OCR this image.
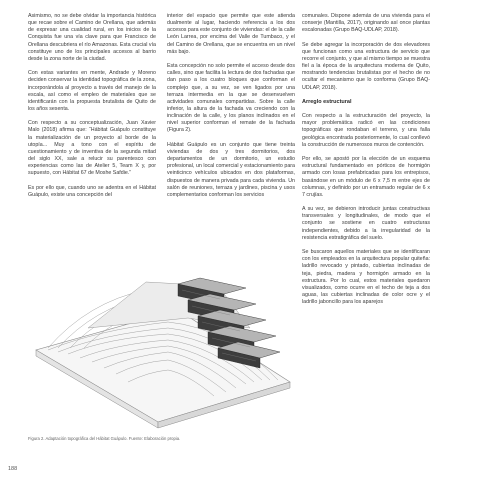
Asimismo, no se debe olvidar la importancia histórica que recae sobre el Camino de Orellana, que además de expresar una cualidad rural, en los inicios de la Conquista fue una vía clave para que Francisco de Orellana descubriera el río Amazonas. Esta crucial vía constituye uno de los principales accesos al barrio desde la zona norte de la ciudad.

Con estas variantes en mente, Andrade y Moreno deciden conservar la identidad topográfica de la zona, incorporándola al proyecto a través del manejo de la escala, así como el empleo de materiales que se identificarán con la propuesta brutalista de Quito de los años sesenta.

Con respecto a su conceptualización, Juan Xavier Malo (2018) afirma que: “Hábitat Guápulo constituye la materialización de un proyecto al borde de la utopía... Muy a tono con el espíritu de cuestionamiento y de inventiva de la segunda mitad del siglo XX, sale a relucir su parentesco con experiencias como las de Atelier 5, Team X y, por supuesto, con Hábitat 67 de Moshe Safdie.”

Es por ello que, cuando uno se adentra en el Hábitat Guápulo, existe una concepción del

interior del espacio que permite que este atienda dualmente al lugar, haciendo referencia a los dos accesos para este conjunto de viviendas: el de la calle León Larrea, por encima del Valle de Tumbaco, y el del Camino de Orellana, que se encuentra en un nivel más bajo.

Esta concepción no solo permite el acceso desde dos calles, sino que facilita la lectura de dos fachadas que dan paso a los cuatro bloques que conforman el complejo que, a su vez, se ven ligados por una terraza intermedia en la que se desenvuelven actividades comunales compartidas. Sobre la calle inferior, la altura de la fachada va creciendo con la inclinación de la calle, y los planos inclinados en el nivel superior conforman el remate de la fachada (Figura 2).

Hábitat Guápulo es un conjunto que tiene treinta viviendas de dos y tres dormitorios, dos departamentos de un dormitorio, un estudio profesional, un local comercial y estacionamiento para veinticinco vehículos ubicados en dos plataformas, dispuestos de manera privada para cada vivienda. Un salón de reuniones, terraza y jardines, piscina y usos complementarios conforman los servicios

comunales. Dispone además de una vivienda para el conserje (Mantilla, 2017), originando así once plantas escalonadas (Grupo BAQ-UDLAP, 2018).

Se debe agregar la incorporación de dos elevadores que funcionan como una estructura de servicio que recorre el conjunto, y que al mismo tiempo se muestra fiel a la época de la arquitectura moderna de Quito, mostrando tendencias brutalistas por el hecho de no ocultar el mecanismo que lo conforma (Grupo BAQ-UDLAP, 2018).

Arreglo estructural

Con respecto a la estructuración del proyecto, la mayor problemática radicó en las condiciones topográficas que rondaban el terreno, y una falla geológica encontrada posteriormente, lo cual conllevó la construcción de numerosos muros de contención.

Por ello, se apostó por la elección de un esquema estructural fundamentado en pórticos de hormigón armado con losas prefabricadas para los entrepisos, basándose en un módulo de 6 x 7,5 m entre ejes de columnas, y definido por un entramado regular de 6 x 7 crujías.

A su vez, se debieron introducir juntas constructivas transversales y longitudinales, de modo que el conjunto se sostiene en cuatro estructuras independientes, debido a la irregularidad de la resistencia estratigráfica del suelo.

Se buscaron aquellos materiales que se identificaran con los empleados en la arquitectura popular quiteña: ladrillo revocado y pintado, cubiertas inclinadas de teja, piedra, madera y hormigón armado en la estructura. Por lo cual, estos materiales quedaron visualizados, como ocurre en el techo de teja a dos aguas, las cubiertas inclinadas de color ocre y el ladrillo jaboncillo para los aparejos

Figura 2. Adaptación topográfica del Hábitat Guápulo. Fuente: Elaboración propia.
188
